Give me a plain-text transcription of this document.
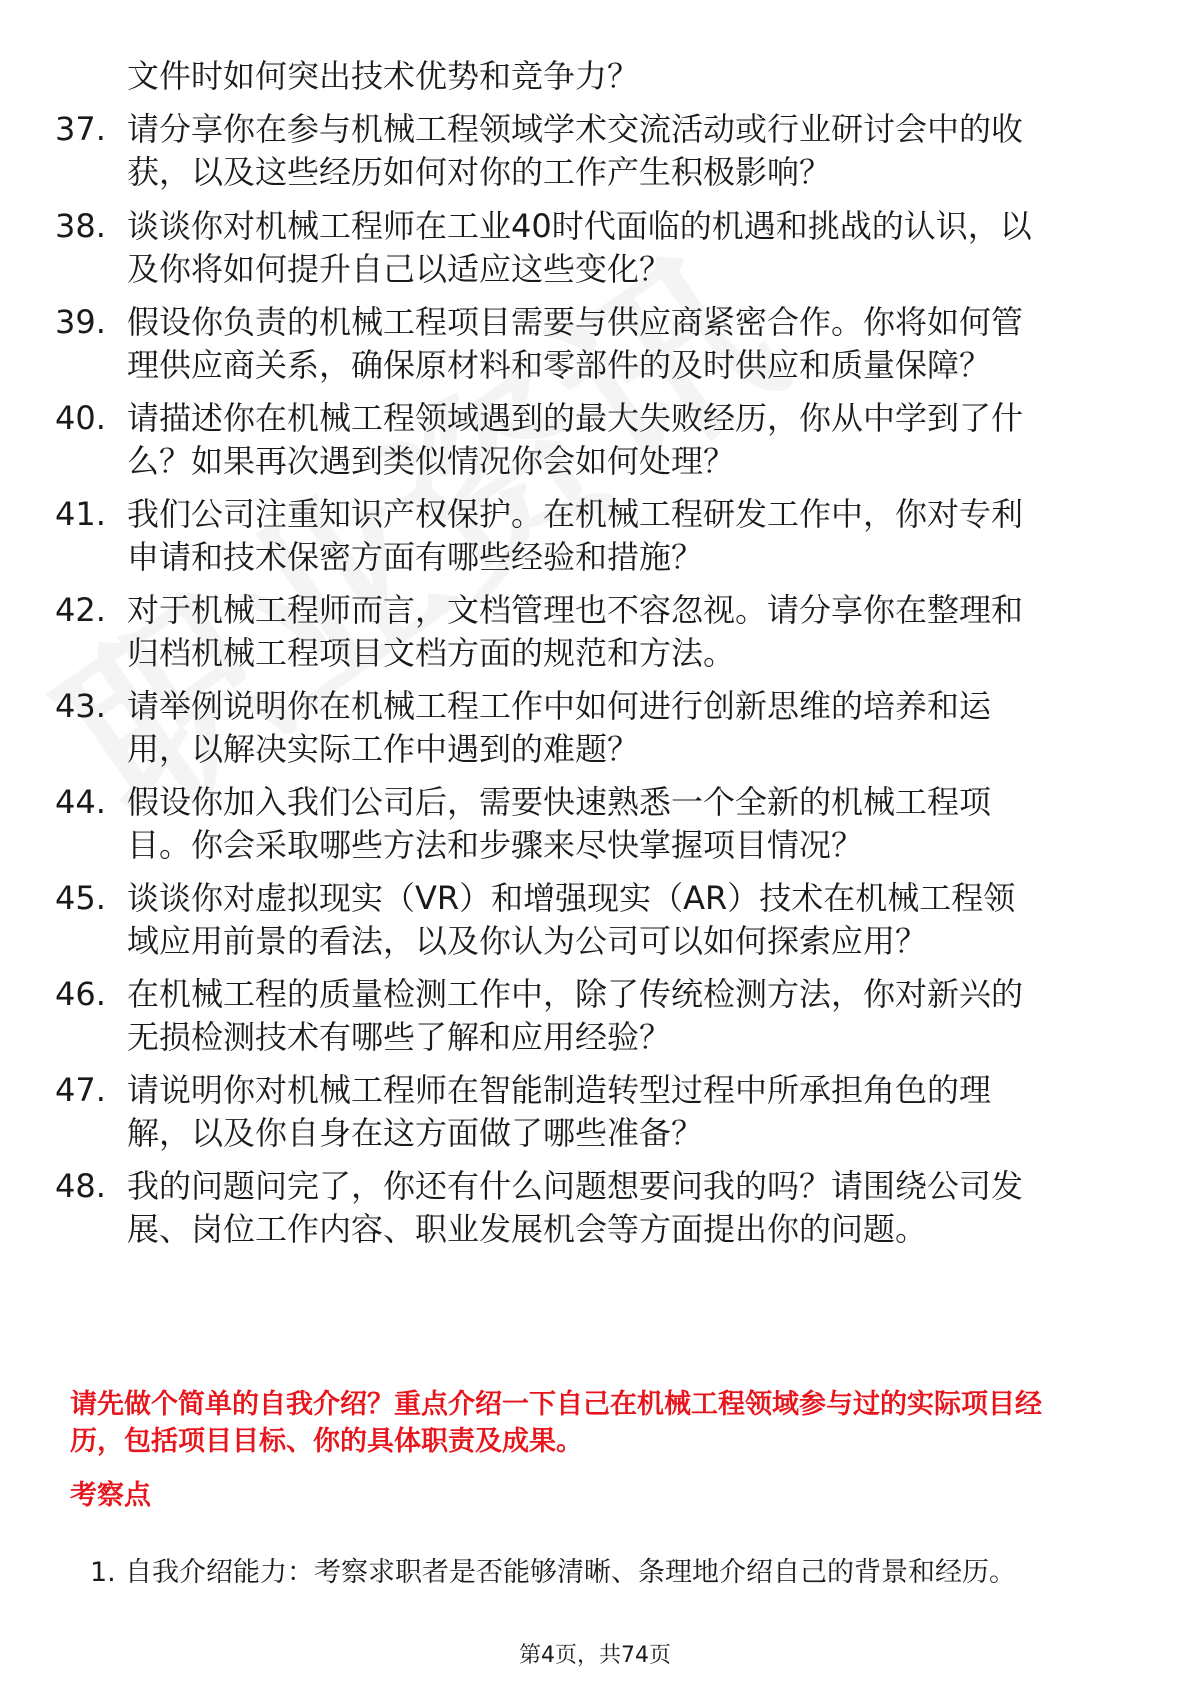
文件时如何突出技术优势和竞争力？
37. 请分享你在参与机械工程领域学术交流活动或行业研讨会中的收
获，以及这些经历如何对你的工作产生积极影响？
38. 谈谈你对机械工程师在工业40时代面临的机遇和挑战的认识，以
及你将如何提升自己以适应这些变化？
39. 假设你负责的机械工程项目需要与供应商紧密合作。你将如何管
理供应商关系，确保原材料和零部件的及时供应和质量保障？
40. 请描述你在机械工程领域遇到的最大失败经历，你从中学到了什
么？如果再次遇到类似情况你会如何处理？
41. 我们公司注重知识产权保护。在机械工程研发工作中，你对专利
申请和技术保密方面有哪些经验和措施？
42. 对于机械工程师而言，文档管理也不容忽视。请分享你在整理和
归档机械工程项目文档方面的规范和方法。
43. 请举例说明你在机械工程工作中如何进行创新思维的培养和运
用，以解决实际工作中遇到的难题？
44. 假设你加入我们公司后，需要快速熟悉一个全新的机械工程项
目。你会采取哪些方法和步骤来尽快掌握项目情况？
45. 谈谈你对虚拟现实（VR）和增强现实（AR）技术在机械工程领
域应用前景的看法，以及你认为公司可以如何探索应用？
46. 在机械工程的质量检测工作中，除了传统检测方法，你对新兴的
无损检测技术有哪些了解和应用经验？
47. 请说明你对机械工程师在智能制造转型过程中所承担角色的理
解，以及你自身在这方面做了哪些准备？
48. 我的问题问完了，你还有什么问题想要问我的吗？请围绕公司发
展、岗位工作内容、职业发展机会等方面提出你的问题。
请先做个简单的自我介绍？重点介绍一下自己在机械工程领域参与过的实际项目经
历，包括项目目标、你的具体职责及成果。
考察点
1. 自我介绍能力：考察求职者是否能够清晰、条理地介绍自己的背景和经历。
第4页，共74页
